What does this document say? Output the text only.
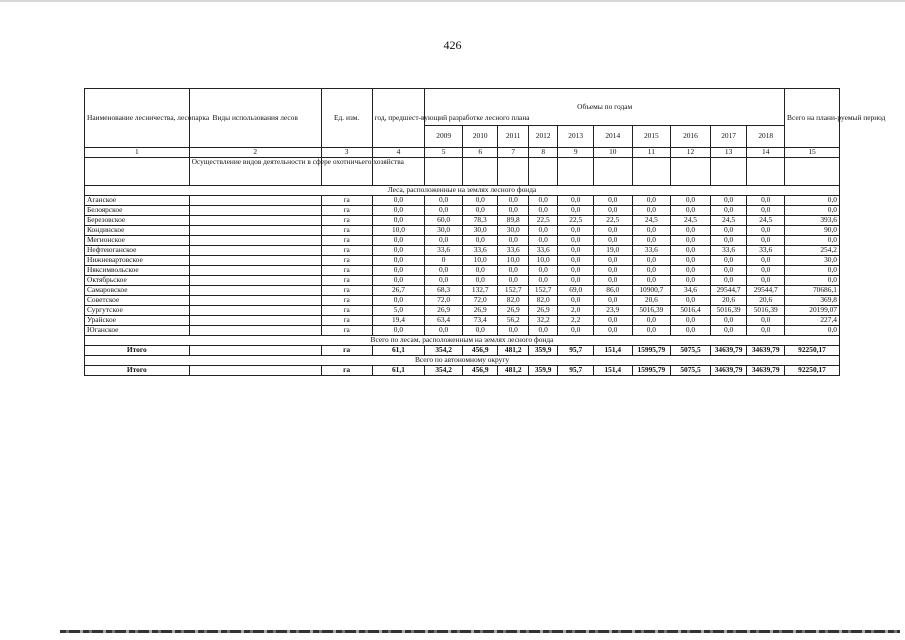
426
Наименование лесничества, лесопарка	Виды использования лесов	Ед. изм.	год, предшест-вующий разработке лесного плана	Объемы по годам										Всего на плани-руемый период
				2009	2010	2011	2012	2013	2014	2015	2016	2017	2018	
1	2	3	4	5	6	7	8	9	10	11	12	13	14	15
	Осуществление видов деятельности в сфере охотничьего хозяйства													
Леса, расположенные на землях лесного фонда														
Аганское		га	0,0	0,0	0,0	0,0	0,0	0,0	0,0	0,0	0,0	0,0	0,0	0,0
Белоярское		га	0,0	0,0	0,0	0,0	0,0	0,0	0,0	0,0	0,0	0,0	0,0	0,0
Березовское		га	0,0	60,0	78,3	89,8	22,5	22,5	22,5	24,5	24,5	24,5	24,5	393,6
Кондинское		га	10,0	30,0	30,0	30,0	0,0	0,0	0,0	0,0	0,0	0,0	0,0	90,0
Мегионское		га	0,0	0,0	0,0	0,0	0,0	0,0	0,0	0,0	0,0	0,0	0,0	0,0
Нефтеюганское		га	0,0	33,6	33,6	33,6	33,6	0,0	19,0	33,6	0,0	33,6	33,6	254,2
Нижневартовское		га	0,0	0	10,0	10,0	10,0	0,0	0,0	0,0	0,0	0,0	0,0	30,0
Няксимвольское		га	0,0	0,0	0,0	0,0	0,0	0,0	0,0	0,0	0,0	0,0	0,0	0,0
Октябрьское		га	0,0	0,0	0,0	0,0	0,0	0,0	0,0	0,0	0,0	0,0	0,0	0,0
Самаровское		га	26,7	68,3	132,7	152,7	152,7	69,0	86,0	10900,7	34,6	29544,7	29544,7	70686,1
Советское		га	0,0	72,0	72,0	82,0	82,0	0,0	0,0	20,6	0,0	20,6	20,6	369,8
Сургутское		га	5,0	26,9	26,9	26,9	26,9	2,0	23,9	5016,39	5016,4	5016,39	5016,39	20199,07
Урайское		га	19,4	63,4	73,4	56,2	32,2	2,2	0,0	0,0	0,0	0,0	0,0	227,4
Юганское		га	0,0	0,0	0,0	0,0	0,0	0,0	0,0	0,0	0,0	0,0	0,0	0,0
Всего по лесам, расположенным на землях лесного фонда														
Итого		га	61,1	354,2	456,9	481,2	359,9	95,7	151,4	15995,79	5075,5	34639,79	34639,79	92250,17
Всего по автономному округу														
Итого		га	61,1	354,2	456,9	481,2	359,9	95,7	151,4	15995,79	5075,5	34639,79	34639,79	92250,17
